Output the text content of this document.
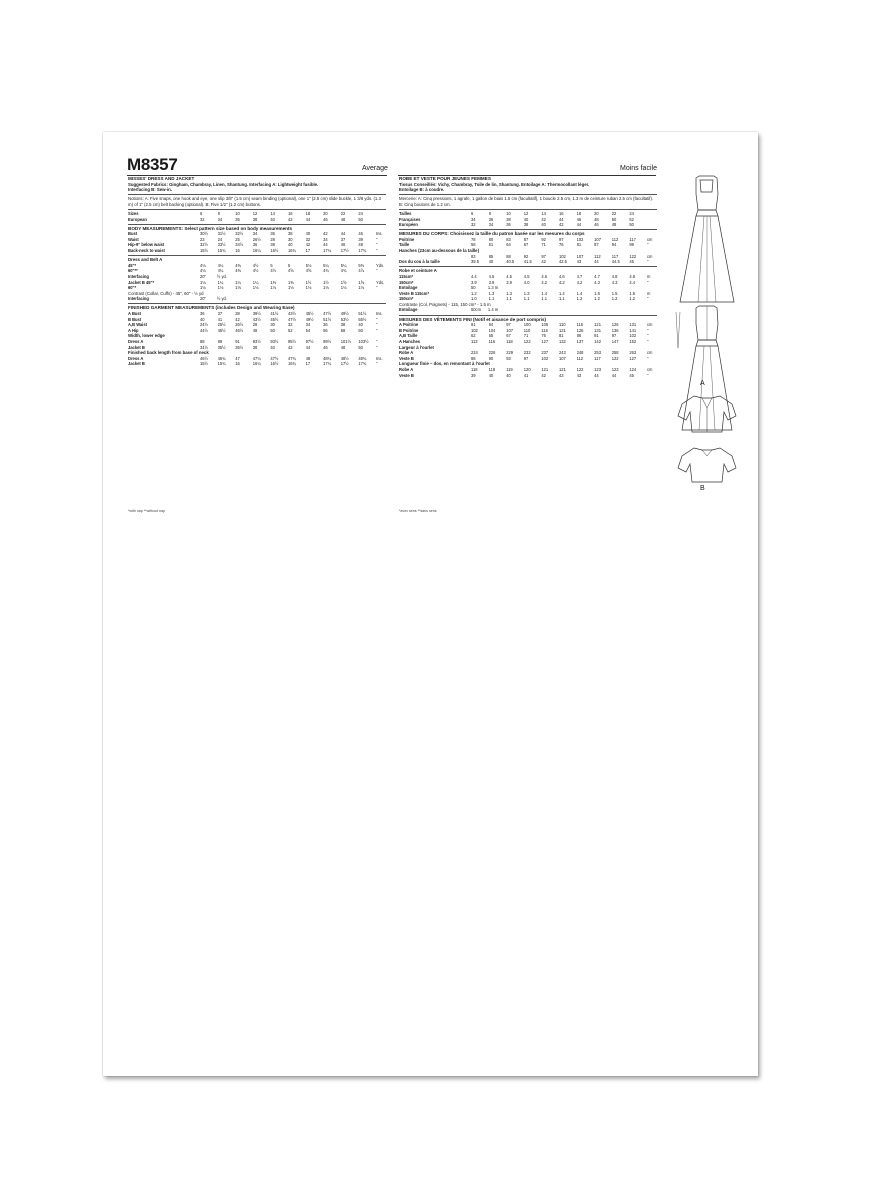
M8357	Average	Moins facile
MISSES' DRESS AND JACKET
Suggested Fabrics: Gingham, Chambray, Linen, Shantung. Interfacing A: Lightweight fusible.
Interfacing B: Sew-in.
Notions: A: Five snaps, one hook and eye, one slip 3/8" (1.5 cm) seam binding (optional), one 1" (2.5 cm) slide buckle, 1 3/8 yds. (1.3 m) of 1" (2.5 cm) belt backing (optional). B: Five 1/2" (1.2 cm) buttons.
Sizes	6	8	10	12	14	16	18	20	22	24	
European	32	34	36	38	40	42	44	46	48	50	
BODY MEASUREMENTS: Select pattern size based on body measurements
Bust	30½	31½	32½	34	36	38	40	42	44	46	Ins.
Waist	23	24	25	26½	28	30	32	34	37	39	"
Hip-9" below waist	32½	33½	34½	36	38	40	42	44	46	48	"
Back-neck to waist	15½	15¾	16	16¼	16½	16¾	17	17¼	17½	17¾	"
Dress and Belt A
45"*	4⅛	4¼	4⅜	4½	5	5	5⅛	5¼	5¼	5⅜	Yds.
60"**	4⅛	4¼	4⅜	4½	4½	4⅝	4⅝	4¾	4¾	4⅞	"
Interfacing	20"	½ yd.
Jacket B 45"*	1⅛	1¼	1¼	1¼	1⅜	1⅜	1½	1½	1⅝	1⅝	Yds.
60"*	1⅛	1⅛	1⅛	1⅛	1⅛	1⅛	1⅛	1⅛	1⅛	1⅛	"
Contrast (Collar, Cuffs) - 45", 60" - ½ yd
Interfacing	20"	½ yd.
FINISHED GARMENT MEASUREMENTS (includes Design and Wearing Ease)
A Bust	36	37	38	39½	41½	43½	45½	47½	49½	51½	Ins.
B Bust	40	41	42	43½	45½	47½	49½	51½	53½	55½	"
A,B Waist	24½	25½	26½	28	30	32	34	36	38	40	"
A Hip	44½	45½	46½	48	50	52	54	56	58	60	"
Width, lower edge
Dress A	88	89	91	93½	93½	95½	97½	99½	101½	103½	"
Jacket B	34½	35½	36½	38	40	42	44	46	48	50	"
Finished back length from base of neck
Dress A	46½	46¾	47	47¼	47½	47¾	48	48¼	48½	48¾	Ins.
Jacket B	15½	15¾	16	16¼	16½	16¾	17	17¼	17½	17¾	"
*with nap **without nap
ROBE ET VESTE POUR JEUNES FEMMES
Tissus Conseillés: Vichy, Chambray, Toile de lin, Shantung. Entoilage A: Thermocollant léger.
Entoilage B: à coudre.
Mercerie: A: Cinq pressions, 1 agrafe, 1 gallon de biais 1.5 cm (facultatif), 1 boucle 2.5 cm, 1.3 m de ceinture ruban 2.5 cm (facultatif). B: Cinq boutons de 1.2 cm.
Tailles	6	8	10	12	14	16	18	20	22	24	
Françaises	34	36	38	40	42	44	46	48	50	52	
Européen	32	34	36	38	40	42	44	46	48	50	
MESURES DU CORPS: Choisissez la taille du patron basée sur les mesures du corps
Poitrine	78	80	83	87	92	97	102	107	112	117	cm
Taille	58	61	64	67	71	76	81	87	94	99	"
Hanches (23cm au-dessous de la taille)
	83	85	88	92	97	102	107	112	117	122	cm
Dos du cou à la taille	39.5	40	40.5	41.5	42	42.5	43	44	44.5	45	"
Robe et ceinture A
115cm*	4.4	4.5	4.5	4.5	4.6	4.6	4.7	4.7	4.8	4.8	m
150cm*	3.9	3.9	3.9	4.0	4.2	4.2	4.2	4.3	4.3	4.4	"
Entoilage	50	1.3 m
Veste B 115cm*	1.2	1.3	1.3	1.3	1.4	1.4	1.4	1.5	1.5	1.5	m
150cm*	1.0	1.1	1.1	1.1	1.1	1.1	1.2	1.2	1.2	1.2	"
Contraste (Col, Poignets) - 115, 150 cm* - 1.5 m
Entoilage	50cm	1.4 m
MESURES DES VÊTEMENTS FINI (Notif et aisance de port compris)
A Poitrine	91	94	97	100	105	110	115	121	126	131	cm
B Poitrine	102	104	107	110	116	121	126	131	136	141	"
A,B Taille	62	65	67	71	76	81	86	91	97	102	"
A Hanches	113	116	118	122	127	132	137	142	147	152	"
Largeur à l'ourlet
Robe A	224	226	229	232	237	243	248	253	258	263	cm
Veste B	88	90	93	97	102	107	112	117	122	127	"
Longueur finie – dos, en remontant à l'ourlet
Robe A	118	118	119	120	121	121	122	123	123	124	cm
Veste B	39	40	40	41	42	43	43	44	44	45	"
*avec sens **sans sens
A
B
